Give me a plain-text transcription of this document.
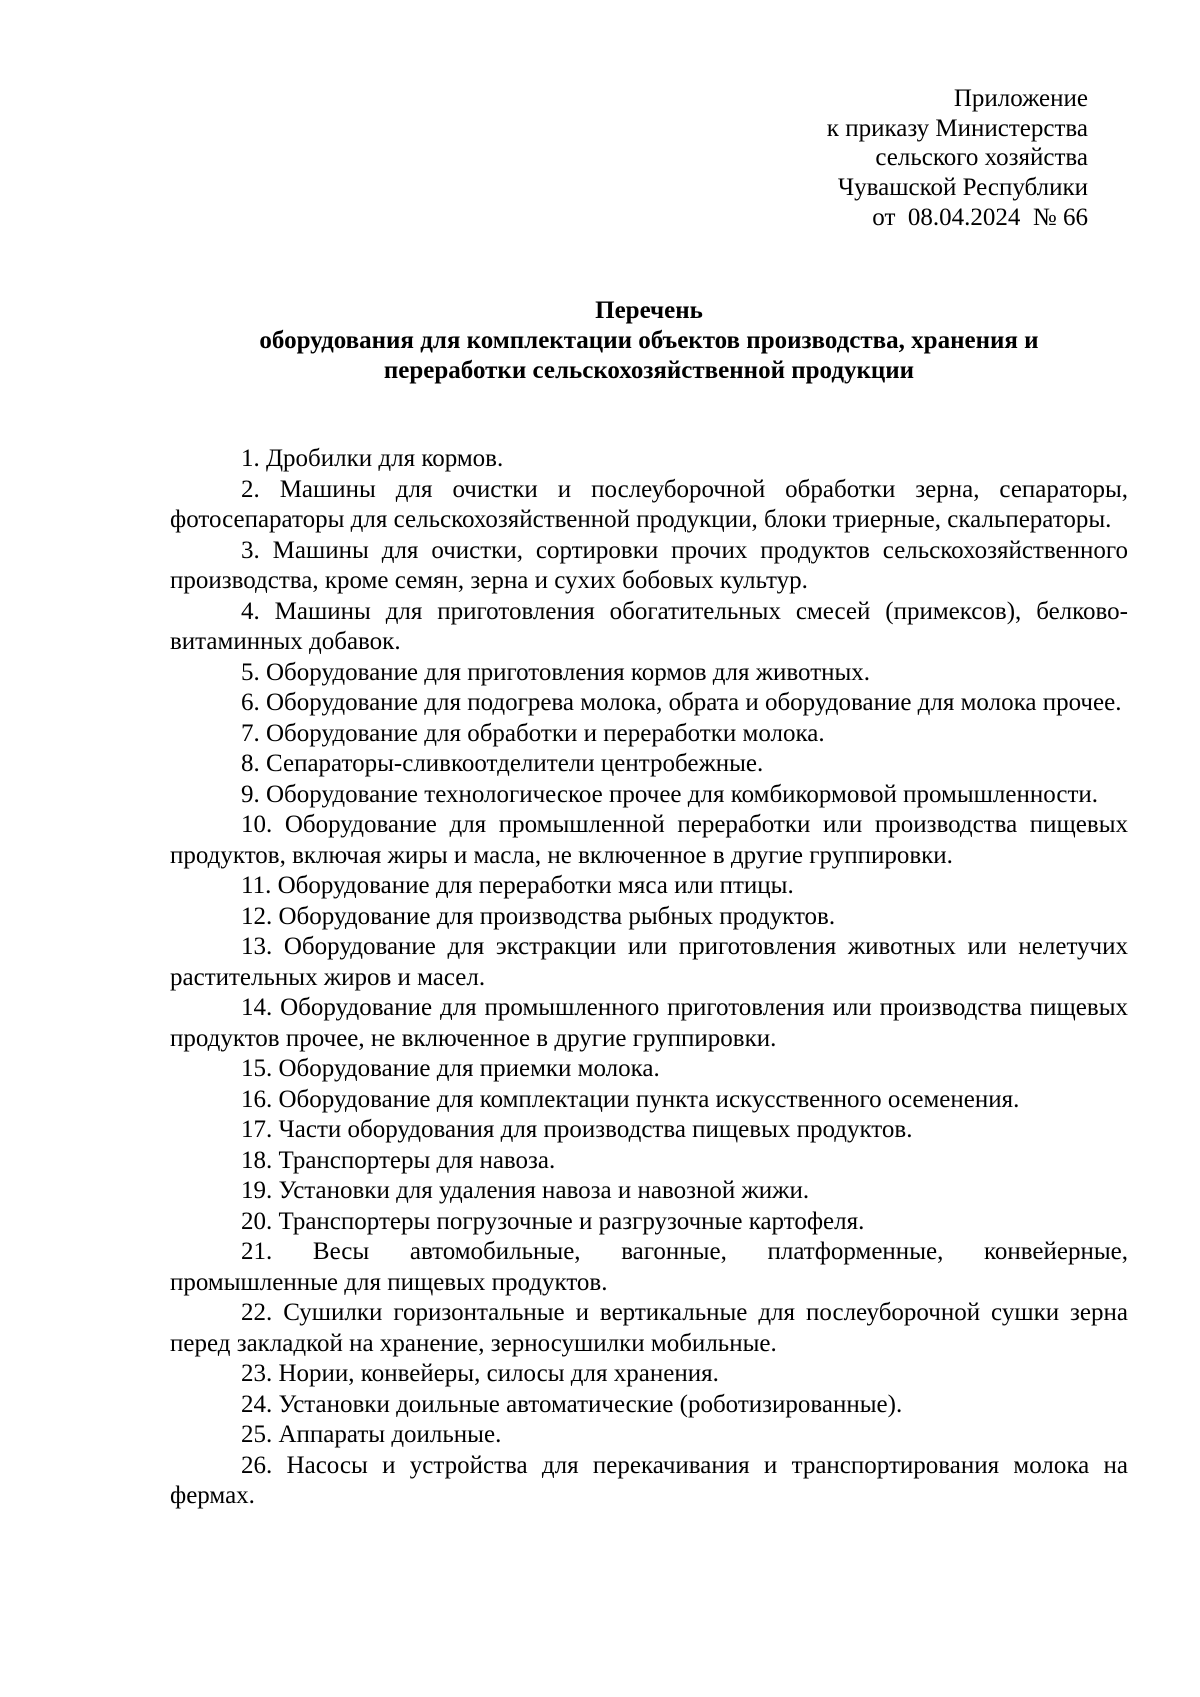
Приложение
к приказу Министерства
сельского хозяйства
Чувашской Республики
от  08.04.2024  № 66
Перечень
оборудования для комплектации объектов производства, хранения и
переработки сельскохозяйственной продукции

1. Дробилки для кормов.

2. Машины для очистки и послеуборочной обработки зерна, сепараторы, фотосепараторы для сельскохозяйственной продукции, блоки триерные, скальператоры.

3. Машины для очистки, сортировки прочих продуктов сельскохозяйственного производства, кроме семян, зерна и сухих бобовых культур.

4. Машины для приготовления обогатительных смесей (примексов), белково-витаминных добавок.

5. Оборудование для приготовления кормов для животных.

6. Оборудование для подогрева молока, обрата и оборудование для молока прочее.

7. Оборудование для обработки и переработки молока.

8. Сепараторы-сливкоотделители центробежные.

9. Оборудование технологическое прочее для комбикормовой промышленности.

10. Оборудование для промышленной переработки или производства пищевых продуктов, включая жиры и масла, не включенное в другие группировки.

11. Оборудование для переработки мяса или птицы.

12. Оборудование для производства рыбных продуктов.

13. Оборудование для экстракции или приготовления животных или нелетучих растительных жиров и масел.

14. Оборудование для промышленного приготовления или производства пищевых продуктов прочее, не включенное в другие группировки.

15. Оборудование для приемки молока.

16. Оборудование для комплектации пункта искусственного осеменения.

17. Части оборудования для производства пищевых продуктов.

18. Транспортеры для навоза.

19. Установки для удаления навоза и навозной жижи.

20. Транспортеры погрузочные и разгрузочные картофеля.

21. Весы автомобильные, вагонные, платформенные, конвейерные, промышленные для пищевых продуктов.

22. Сушилки горизонтальные и вертикальные для послеуборочной сушки зерна перед закладкой на хранение, зерносушилки мобильные.

23. Нории, конвейеры, силосы для хранения.

24. Установки доильные автоматические (роботизированные).

25. Аппараты доильные.

26. Насосы и устройства для перекачивания и транспортирования молока на фермах.
